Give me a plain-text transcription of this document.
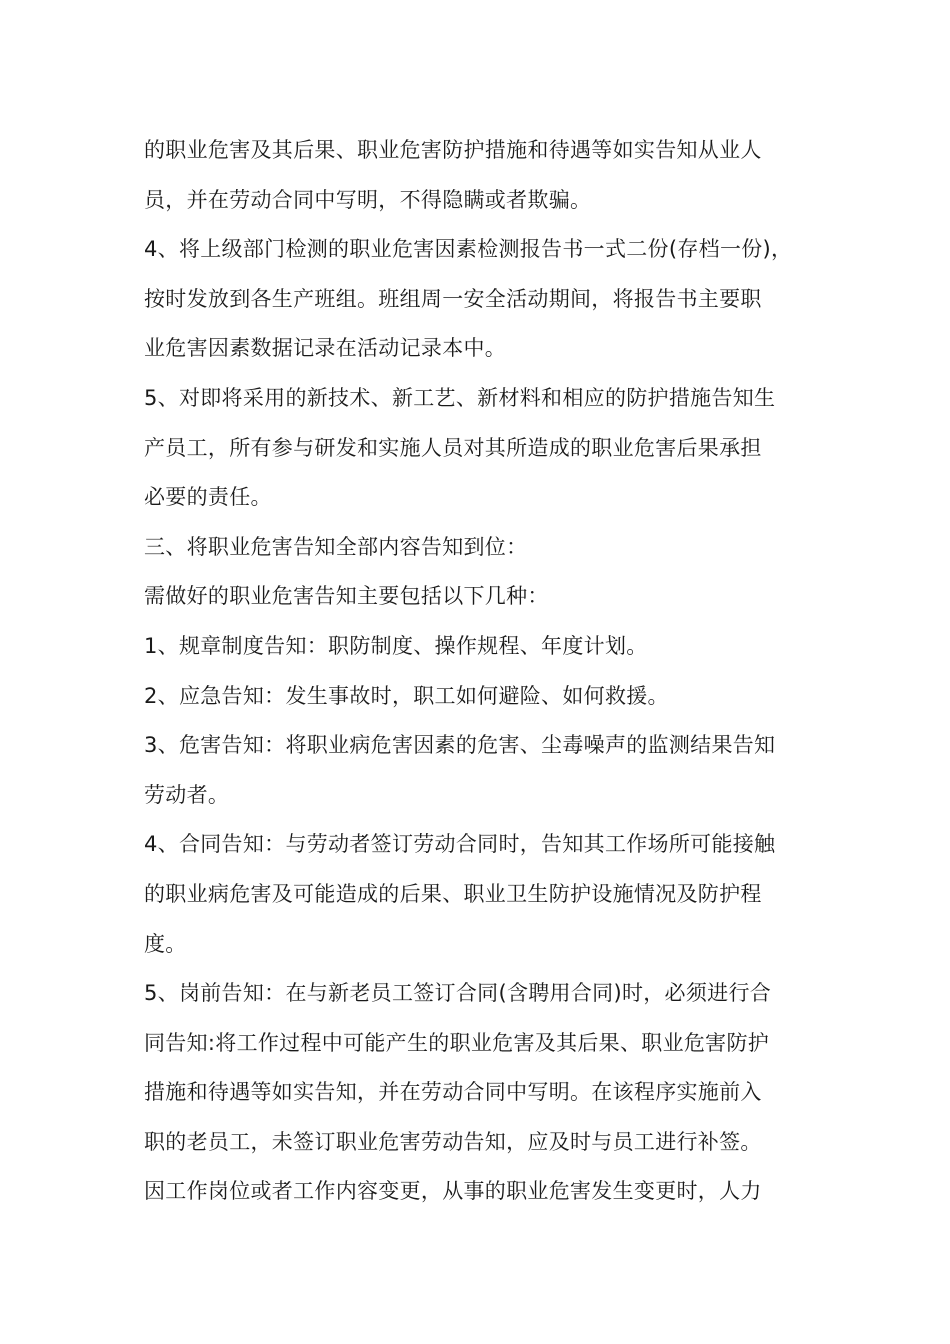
的职业危害及其后果、职业危害防护措施和待遇等如实告知从业人
员，并在劳动合同中写明，不得隐瞒或者欺骗。
4、将上级部门检测的职业危害因素检测报告书一式二份(存档一份)，
按时发放到各生产班组。班组周一安全活动期间，将报告书主要职
业危害因素数据记录在活动记录本中。
5、对即将采用的新技术、新工艺、新材料和相应的防护措施告知生
产员工，所有参与研发和实施人员对其所造成的职业危害后果承担
必要的责任。
三、将职业危害告知全部内容告知到位：
需做好的职业危害告知主要包括以下几种：
1、规章制度告知：职防制度、操作规程、年度计划。
2、应急告知：发生事故时，职工如何避险、如何救援。
3、危害告知：将职业病危害因素的危害、尘毒噪声的监测结果告知
劳动者。
4、合同告知：与劳动者签订劳动合同时，告知其工作场所可能接触
的职业病危害及可能造成的后果、职业卫生防护设施情况及防护程
度。
5、岗前告知：在与新老员工签订合同(含聘用合同)时，必须进行合
同告知:将工作过程中可能产生的职业危害及其后果、职业危害防护
措施和待遇等如实告知，并在劳动合同中写明。在该程序实施前入
职的老员工，未签订职业危害劳动告知，应及时与员工进行补签。
因工作岗位或者工作内容变更，从事的职业危害发生变更时，人力
